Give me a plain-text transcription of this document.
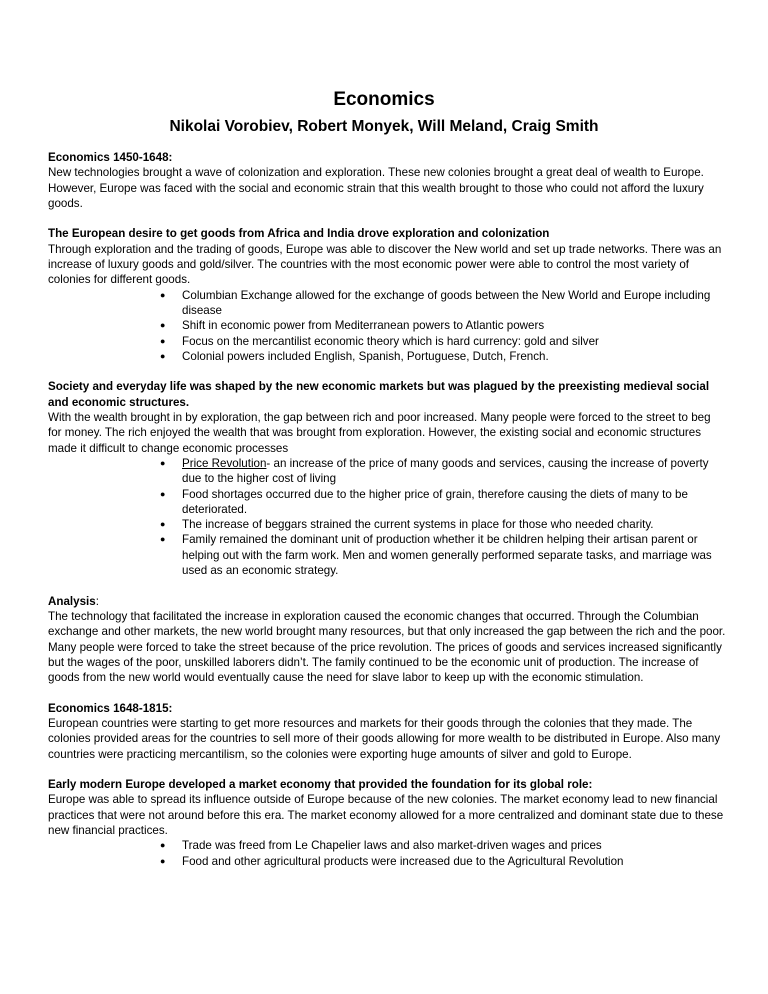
Economics
Nikolai Vorobiev, Robert Monyek, Will Meland, Craig Smith

Economics 1450-1648:

New technologies brought a wave of colonization and exploration. These new colonies brought a great deal of wealth to Europe. However, Europe was faced with the social and economic strain that this wealth brought to those who could not afford the luxury goods.

The European desire to get goods from Africa and India drove exploration and colonization

Through exploration and the trading of goods, Europe was able to discover the New world and set up trade networks. There was an increase of luxury goods and gold/silver. The countries with the most economic power were able to control the most variety of colonies for different goods.

● Columbian Exchange allowed for the exchange of goods between the New World and Europe including disease
● Shift in economic power from Mediterranean powers to Atlantic powers
● Focus on the mercantilist economic theory which is hard currency: gold and silver
● Colonial powers included English, Spanish, Portuguese, Dutch, French.

Society and everyday life was shaped by the new economic markets but was plagued by the preexisting medieval social and economic structures.

With the wealth brought in by exploration, the gap between rich and poor increased. Many people were forced to the street to beg for money. The rich enjoyed the wealth that was brought from exploration. However, the existing social and economic structures made it difficult to change economic processes

● Price Revolution- an increase of the price of many goods and services, causing the increase of poverty due to the higher cost of living
● Food shortages occurred due to the higher price of grain, therefore causing the diets of many to be deteriorated.
● The increase of beggars strained the current systems in place for those who needed charity.
● Family remained the dominant unit of production whether it be children helping their artisan parent or helping out with the farm work. Men and women generally performed separate tasks, and marriage was used as an economic strategy.

Analysis:

The technology that facilitated the increase in exploration caused the economic changes that occurred. Through the Columbian exchange and other markets, the new world brought many resources, but that only increased the gap between the rich and the poor. Many people were forced to take the street because of the price revolution. The prices of goods and services increased significantly but the wages of the poor, unskilled laborers didn’t. The family continued to be the economic unit of production. The increase of goods from the new world would eventually cause the need for slave labor to keep up with the economic stimulation.

Economics 1648-1815:

European countries were starting to get more resources and markets for their goods through the colonies that they made. The colonies provided areas for the countries to sell more of their goods allowing for more wealth to be distributed in Europe. Also many countries were practicing mercantilism, so the colonies were exporting huge amounts of silver and gold to Europe.

Early modern Europe developed a market economy that provided the foundation for its global role:

Europe was able to spread its influence outside of Europe because of the new colonies. The market economy lead to new financial practices that were not around before this era. The market economy allowed for a more centralized and dominant state due to these new financial practices.

● Trade was freed from Le Chapelier laws and also market-driven wages and prices
● Food and other agricultural products were increased due to the Agricultural Revolution
